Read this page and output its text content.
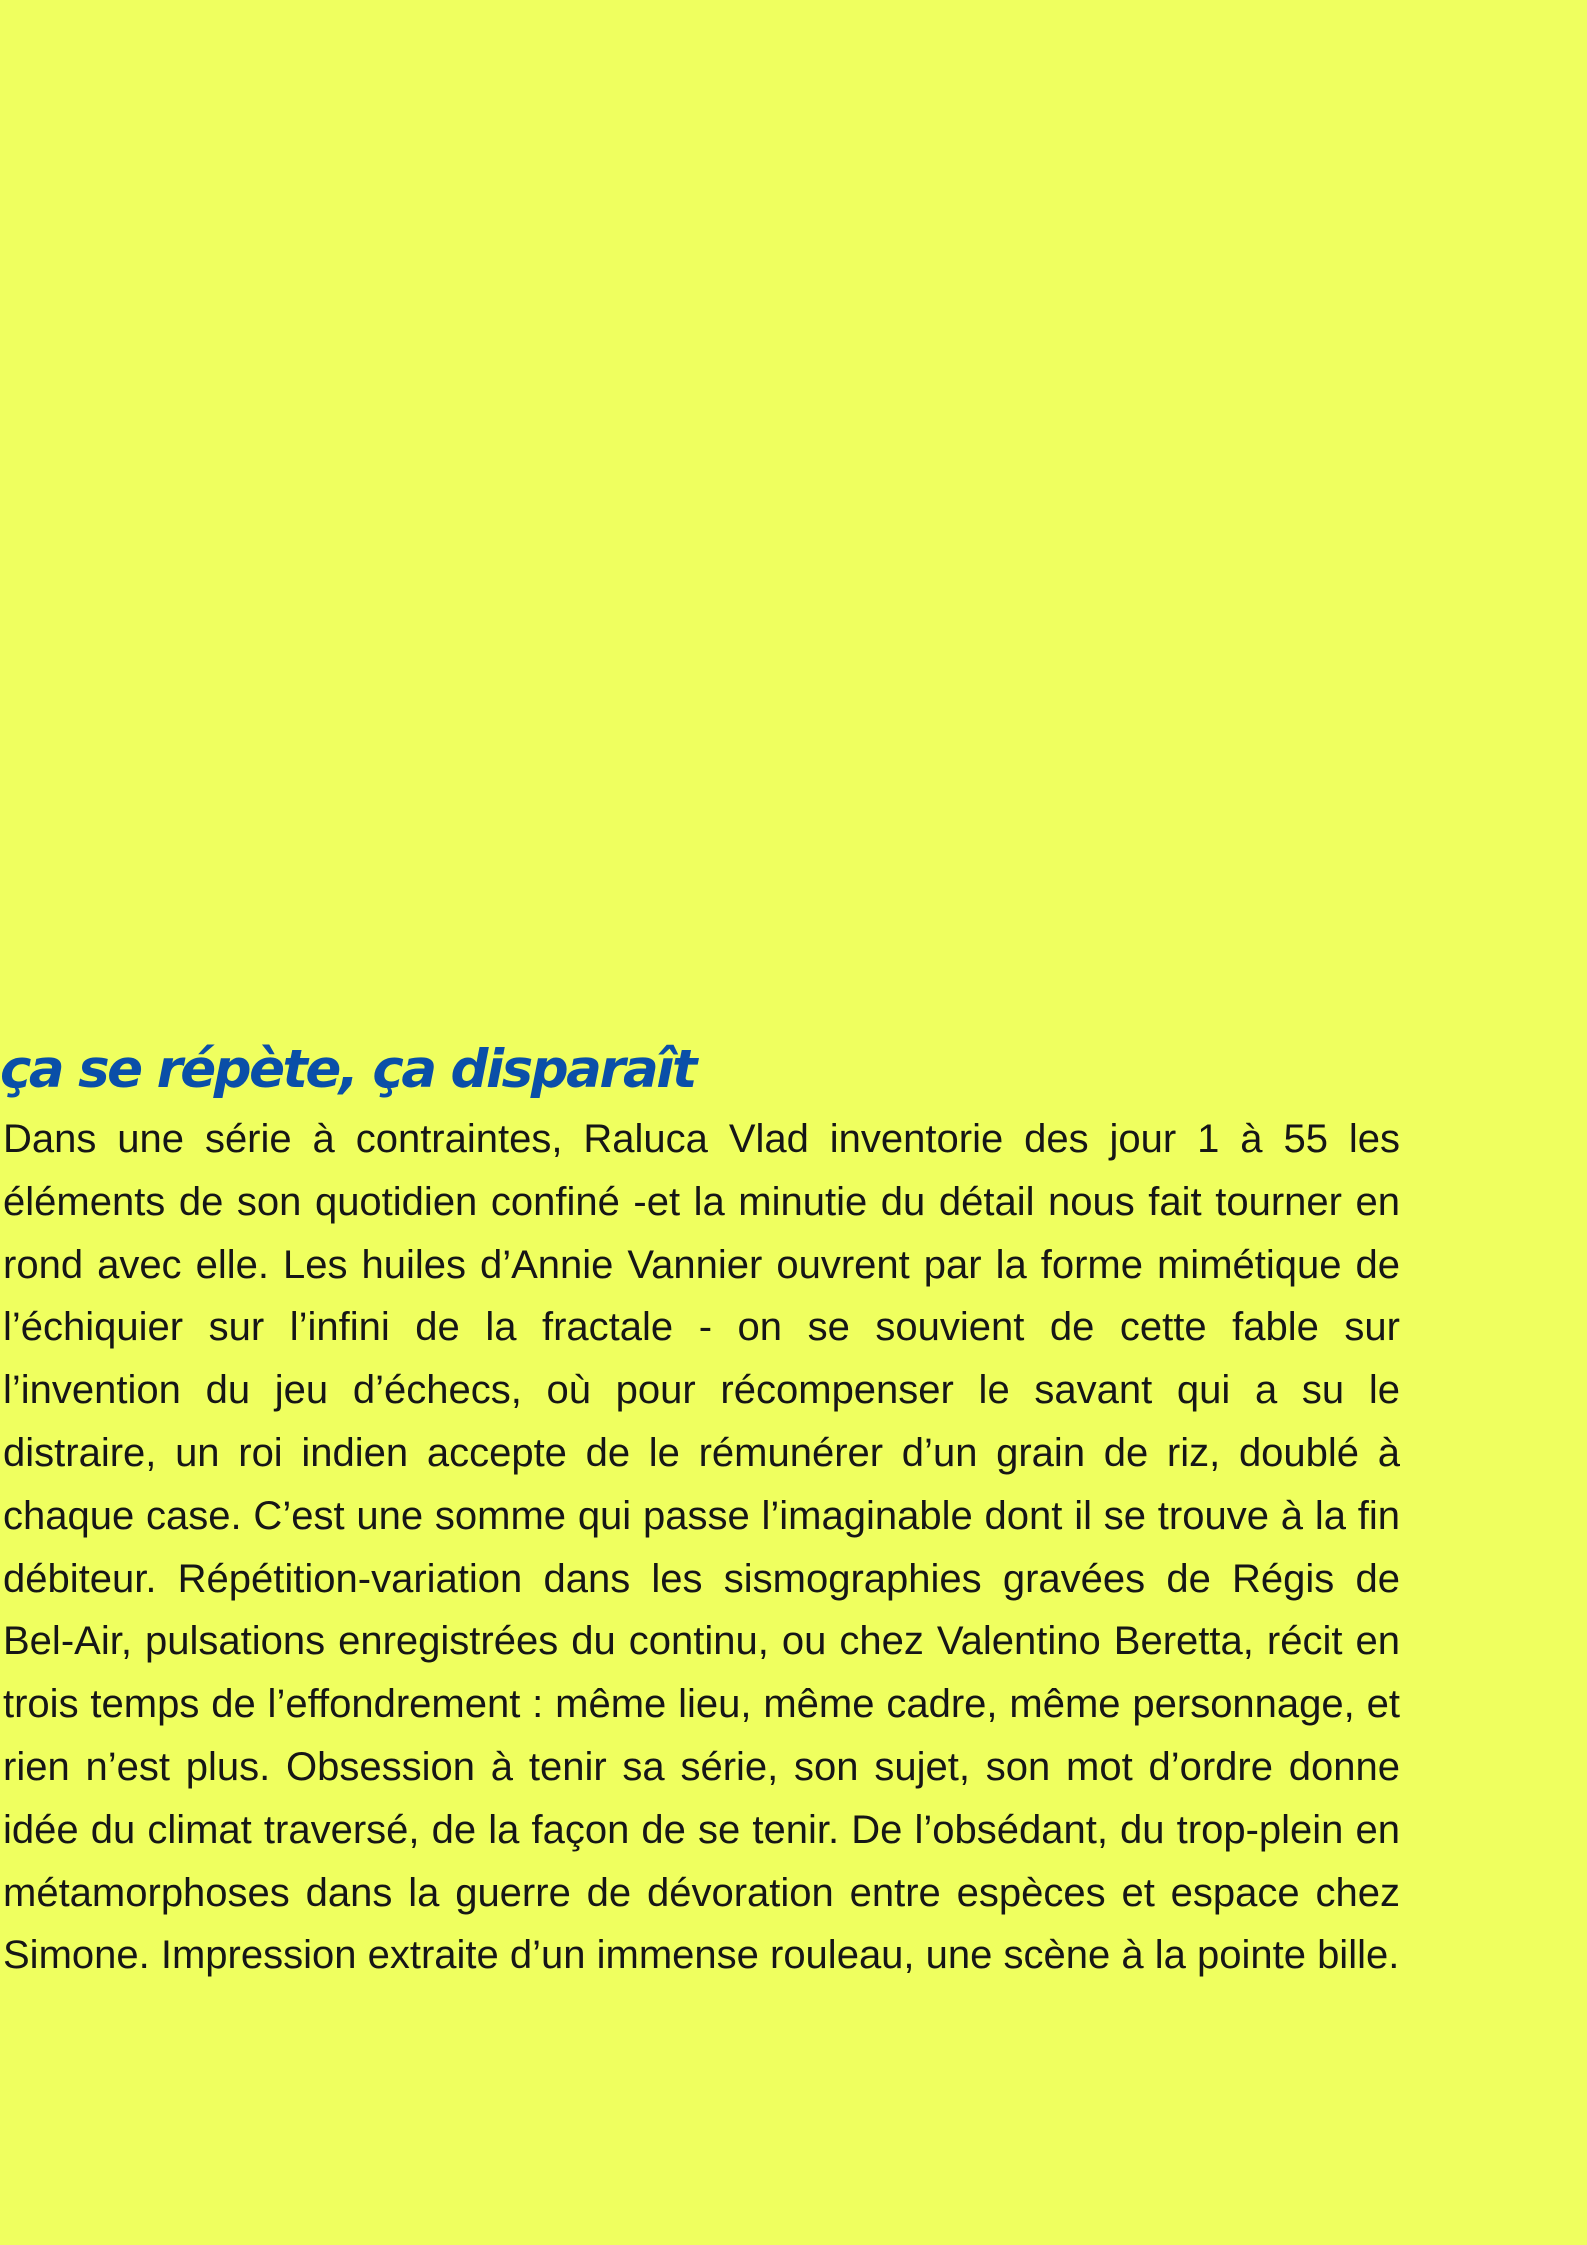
ça se répète, ça disparaît

Dans une série à contraintes, Raluca Vlad inventorie des jour 1 à 55 les éléments de son quotidien confiné -et la minutie du détail nous fait tourner en rond avec elle. Les huiles d’Annie Vannier ouvrent par la forme mimétique de l’échiquier sur l’infini de la fractale - on se souvient de cette fable sur l’invention du jeu d’échecs, où pour récompenser le savant qui a su le distraire, un roi indien accepte de le rémunérer d’un grain de riz, doublé à chaque case. C’est une somme qui passe l’imaginable dont il se trouve à la fin débiteur. Répétition-variation dans les sismographies gravées de Régis de Bel-Air, pulsations enregistrées du continu, ou chez Valentino Beretta, récit en trois temps de l’effondrement : même lieu, même cadre, même personnage, et rien n’est plus. Obsession à tenir sa série, son sujet, son mot d’ordre donne idée du climat traversé, de la façon de se tenir. De l’obsédant, du trop-plein en métamorphoses dans la guerre de dévoration entre espèces et espace chez Simone. Impression extraite d’un immense rouleau, une scène à la pointe bille.
